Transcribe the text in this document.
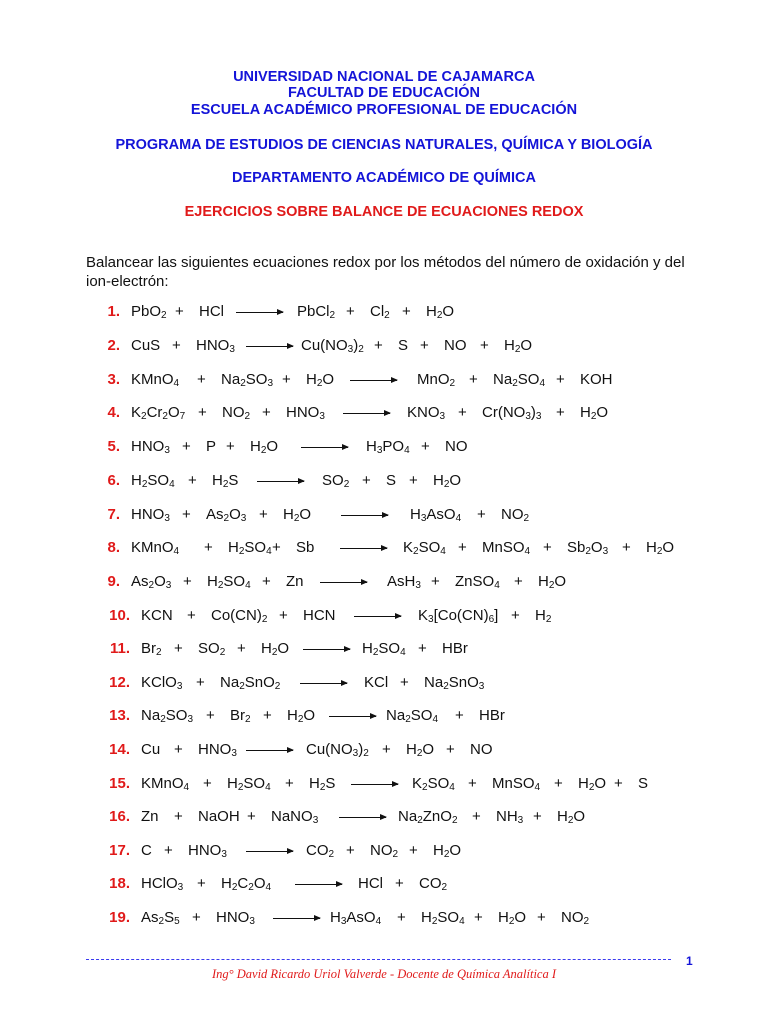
UNIVERSIDAD NACIONAL DE CAJAMARCA
FACULTAD DE EDUCACIÓN
ESCUELA ACADÉMICO PROFESIONAL DE EDUCACIÓN
PROGRAMA DE ESTUDIOS DE CIENCIAS NATURALES, QUÍMICA Y BIOLOGÍA
DEPARTAMENTO ACADÉMICO DE QUÍMICA
EJERCICIOS SOBRE BALANCE DE ECUACIONES REDOX
Balancear las siguientes ecuaciones redox por los métodos del número de oxidación y del ion-electrón:
1. PbO$_2$ + HCl → PbCl$_2$ + $Cl_2 + H_2O$
2. CuS + $HNO_3 \to Cu(NO_3)_2 + S$ + NO + $H_2O$
3. KMnO$_4$ + $Na_2SO_3 + H_2O \to MnO_2 + Na_2SO_4$ + KOH
4. $K_2Cr_2O_7 + NO_2 + HNO_3 \to KNO_3 + Cr(NO_3)_3 + H_2O$
5. $HNO_3 + P + H_2O \to H_3PO_4$ + NO
6. $H_2SO_4 + H_2S \to SO_2 + S + H_2O$
7. $HNO_3 + As_2O_3 + H_2O \to H_3AsO_4 + NO_2$
8. KMnO$_4$ + $H_2SO_4 + Sb \to K_2SO_4$ + MnSO$_4$ + $Sb_2O_3 + H_2O$
9. $As_2O_3 + H_2SO_4 + Zn \to AsH_3$ + ZnSO$_4$ + $H_2O$
10. KCN + $Co(CN)_2$ + HCN → $K_3[Co(CN)_6] + H_2$
11. $Br_2 + SO_2 + H_2O \to H_2SO_4$ + HBr
12. KClO$_3$ + $Na_2SnO_2$ → KCl + $Na_2SnO_3$
13. $Na_2SO_3 + Br_2 + H_2O \to Na_2SO_4$ + HBr
14. $Cu + HNO_3 \to Cu(NO_3)_2 + H_2O$ + NO
15. KMnO$_4$ + $H_2SO_4 + H_2S \to K_2SO_4$ + MnSO$_4$ + $H_2O + S$
16. Zn + NaOH + NaNO$_3$ → $Na_2ZnO_2 + NH_3 + H_2O$
17. $C + HNO_3 \to CO_2 + NO_2 + H_2O$
18. HClO$_3$ + $H_2C_2O_4$ → HCl + $CO_2$
19. $As_2S_5 + HNO_3 \to H_3AsO_4 + H_2SO_4 + H_2O + NO_2$
1
Ing° David Ricardo Uriol Valverde - Docente de Química Analítica I
